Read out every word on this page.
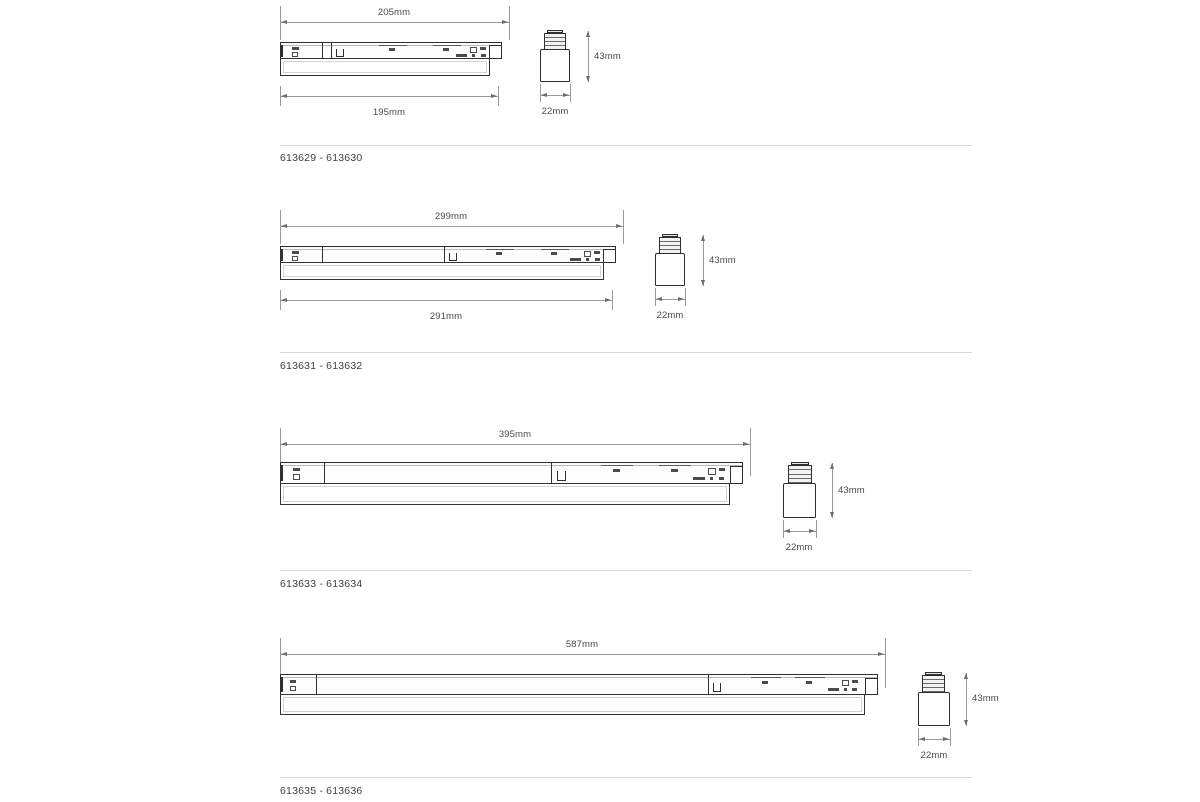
205mm
195mm
43mm
22mm
613629 - 613630
299mm
291mm
43mm
22mm
613631 - 613632
395mm
43mm
22mm
613633 - 613634
587mm
43mm
22mm
613635 - 613636
